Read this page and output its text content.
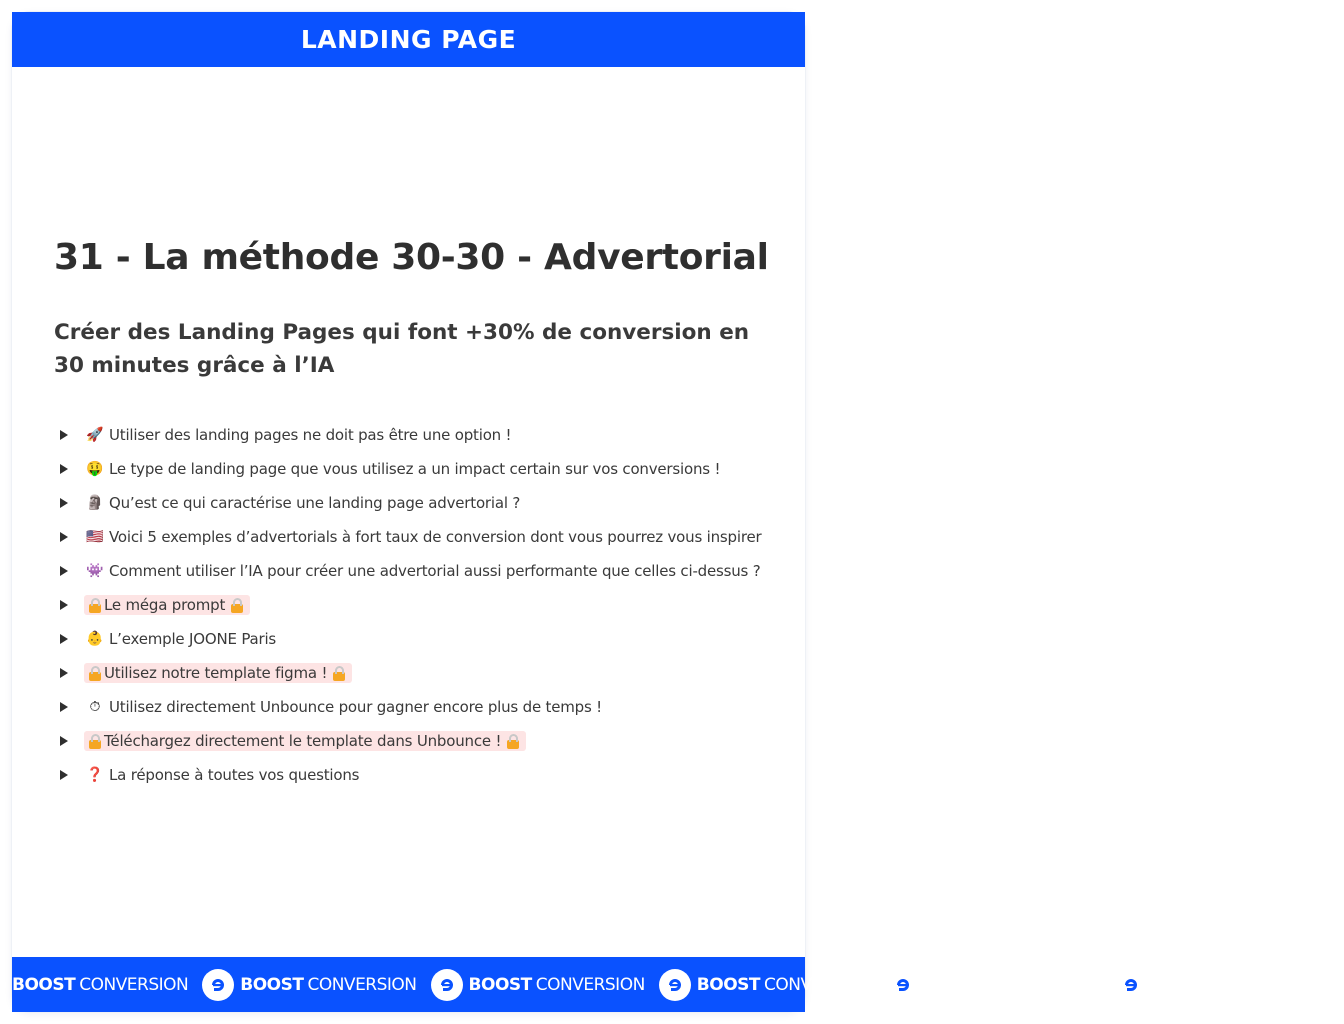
LANDING PAGE
31 - La méthode 30-30 - Advertorial

Créer des Landing Pages qui font +30% de conversion en 30 minutes grâce à l’IA

🚀 Utiliser des landing pages ne doit pas être une option !
🤑 Le type de landing page que vous utilisez a un impact certain sur vos conversions !
🗿 Qu’est ce qui caractérise une landing page advertorial ?
🇺🇸 Voici 5 exemples d’advertorials à fort taux de conversion dont vous pourrez vous inspirer
👾 Comment utiliser l’IA pour créer une advertorial aussi performante que celles ci-dessus ?
Le méga prompt
👶 L’exemple JOONE Paris
Utilisez notre template figma !
⏱ Utilisez directement Unbounce pour gagner encore plus de temps !
Téléchargez directement le template dans Unbounce !
❓ La réponse à toutes vos questions
BOOST CONVERSION	BOOST CONVERSION	BOOST CONVERSION	BOOST CONVERSION	BOOST CONVERSION	BOOST CONVERSION
